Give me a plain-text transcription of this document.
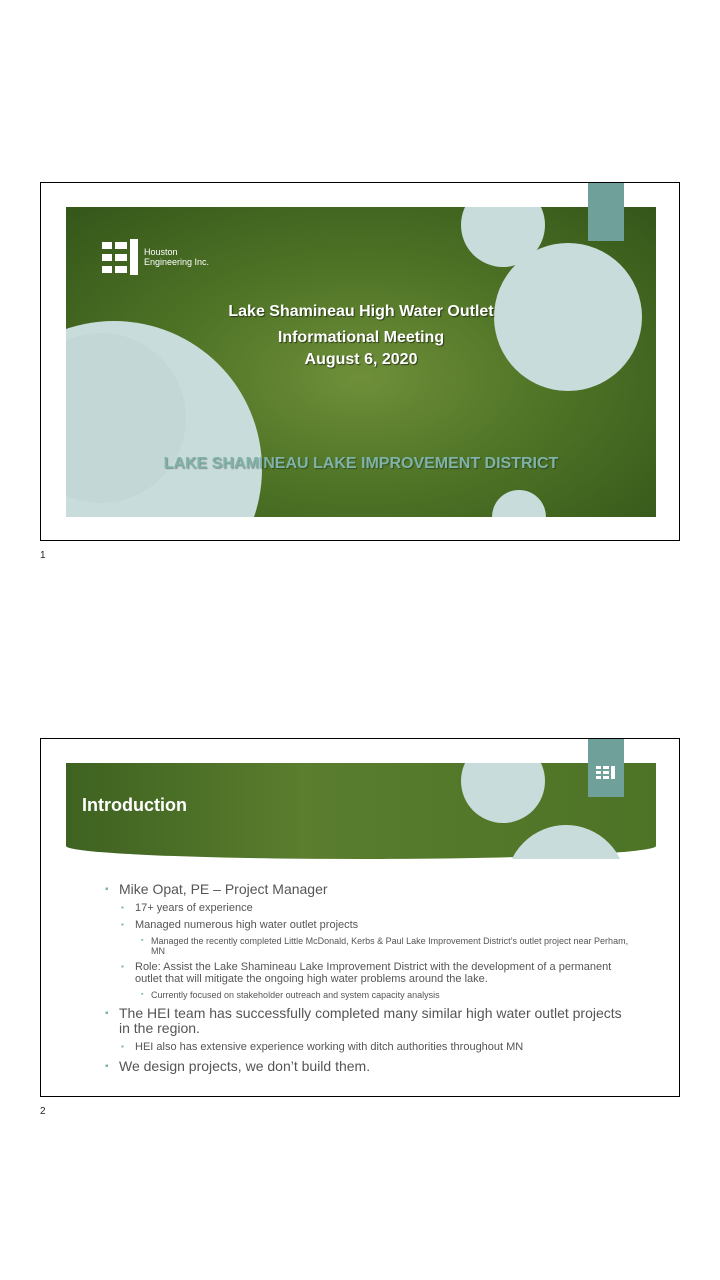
Houston
Engineering Inc.
Lake Shamineau High Water Outlet
Informational Meeting
August 6, 2020
LAKE SHAMINEAU LAKE IMPROVEMENT DISTRICT
1
Introduction
▪ Mike Opat, PE – Project Manager
▪ 17+ years of experience
▪ Managed numerous high water outlet projects
▪ Managed the recently completed Little McDonald, Kerbs & Paul Lake Improvement District’s outlet project near Perham, MN
▪ Role: Assist the Lake Shamineau Lake Improvement District with the development of a permanent outlet that will mitigate the ongoing high water problems around the lake.
▪ Currently focused on stakeholder outreach and system capacity analysis
▪ The HEI team has successfully completed many similar high water outlet projects in the region.
▪ HEI also has extensive experience working with ditch authorities throughout MN
▪ We design projects, we don’t build them.
2
